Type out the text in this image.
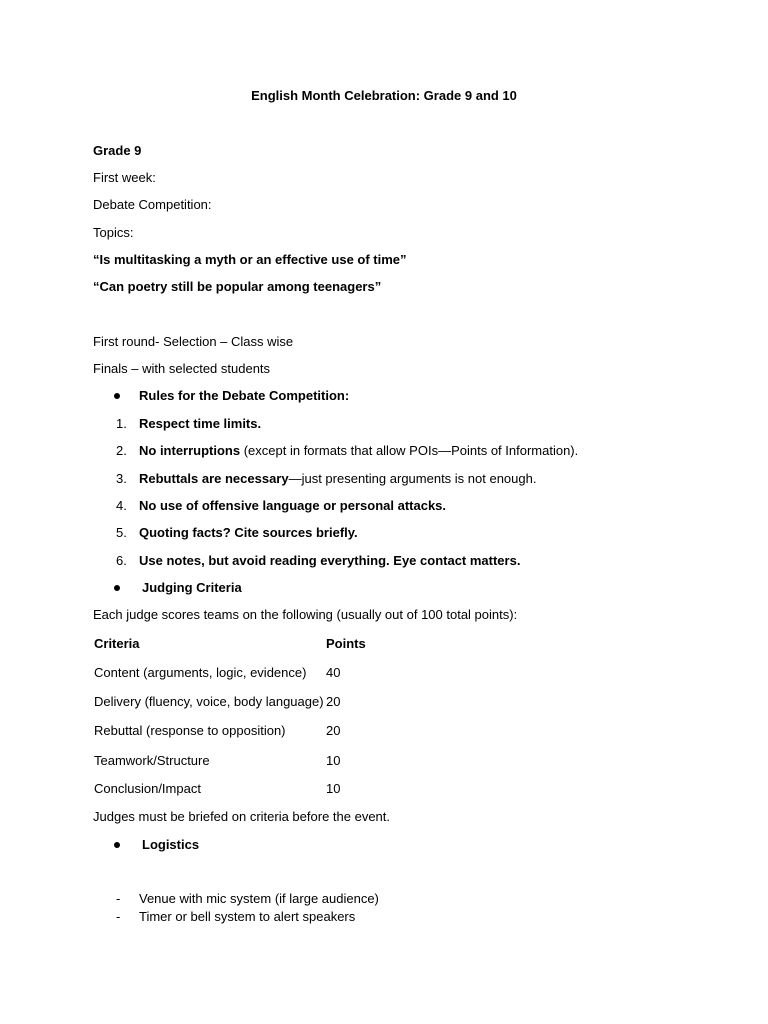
English Month Celebration: Grade 9 and 10
Grade 9
First week:
Debate Competition:
Topics:
“Is multitasking a myth or an effective use of time”
“Can poetry still be popular among teenagers”
First round- Selection – Class wise
Finals – with selected students
Rules for the Debate Competition:
1. Respect time limits.
2. No interruptions (except in formats that allow POIs—Points of Information).
3. Rebuttals are necessary—just presenting arguments is not enough.
4. No use of offensive language or personal attacks.
5. Quoting facts? Cite sources briefly.
6. Use notes, but avoid reading everything. Eye contact matters.
Judging Criteria
Each judge scores teams on the following (usually out of 100 total points):
Criteria	Points
Content (arguments, logic, evidence) 40
Delivery (fluency, voice, body language) 20
Rebuttal (response to opposition)	20
Teamwork/Structure	10
Conclusion/Impact	10
Judges must be briefed on criteria before the event.
Logistics
- Venue with mic system (if large audience)
- Timer or bell system to alert speakers
